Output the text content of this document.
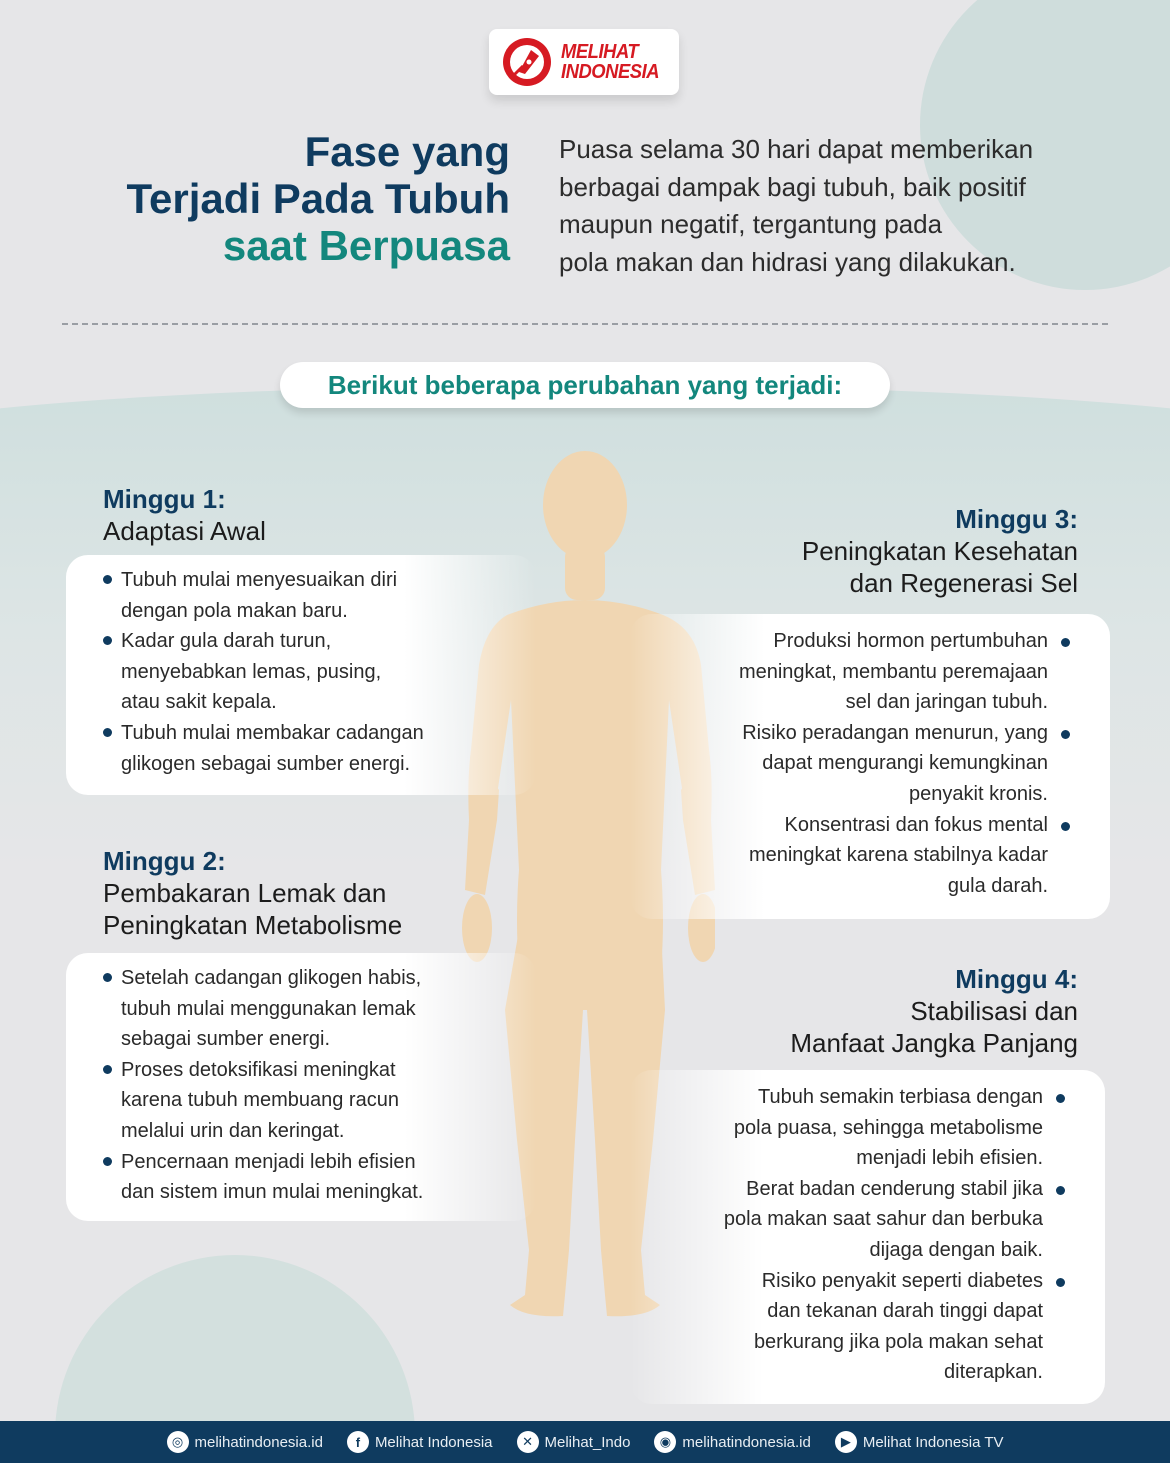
MELIHAT
INDONESIA
Fase yang
Terjadi Pada Tubuh
saat Berpuasa
Puasa selama 30 hari dapat memberikan
berbagai dampak bagi tubuh, baik positif
maupun negatif, tergantung pada
pola makan dan hidrasi yang dilakukan.
Berikut beberapa perubahan yang terjadi:
Minggu 1:
Adaptasi Awal
Tubuh mulai menyesuaikan diri
dengan pola makan baru.
Kadar gula darah turun,
menyebabkan lemas, pusing,
atau sakit kepala.
Tubuh mulai membakar cadangan
glikogen sebagai sumber energi.
Minggu 2:
Pembakaran Lemak dan
Peningkatan Metabolisme
Setelah cadangan glikogen habis,
tubuh mulai menggunakan lemak
sebagai sumber energi.
Proses detoksifikasi meningkat
karena tubuh membuang racun
melalui urin dan keringat.
Pencernaan menjadi lebih efisien
dan sistem imun mulai meningkat.
Minggu 3:
Peningkatan Kesehatan
dan Regenerasi Sel
Produksi hormon pertumbuhan
meningkat, membantu peremajaan
sel dan jaringan tubuh.
Risiko peradangan menurun, yang
dapat mengurangi kemungkinan
penyakit kronis.
Konsentrasi dan fokus mental
meningkat karena stabilnya kadar
gula darah.
Minggu 4:
Stabilisasi dan
Manfaat Jangka Panjang
Tubuh semakin terbiasa dengan
pola puasa, sehingga metabolisme
menjadi lebih efisien.
Berat badan cenderung stabil jika
pola makan saat sahur dan berbuka
dijaga dengan baik.
Risiko penyakit seperti diabetes
dan tekanan darah tinggi dapat
berkurang jika pola makan sehat
diterapkan.
◎ melihatindonesia.id	f Melihat Indonesia	✕ Melihat_Indo	◉ melihatindonesia.id	▶ Melihat Indonesia TV
